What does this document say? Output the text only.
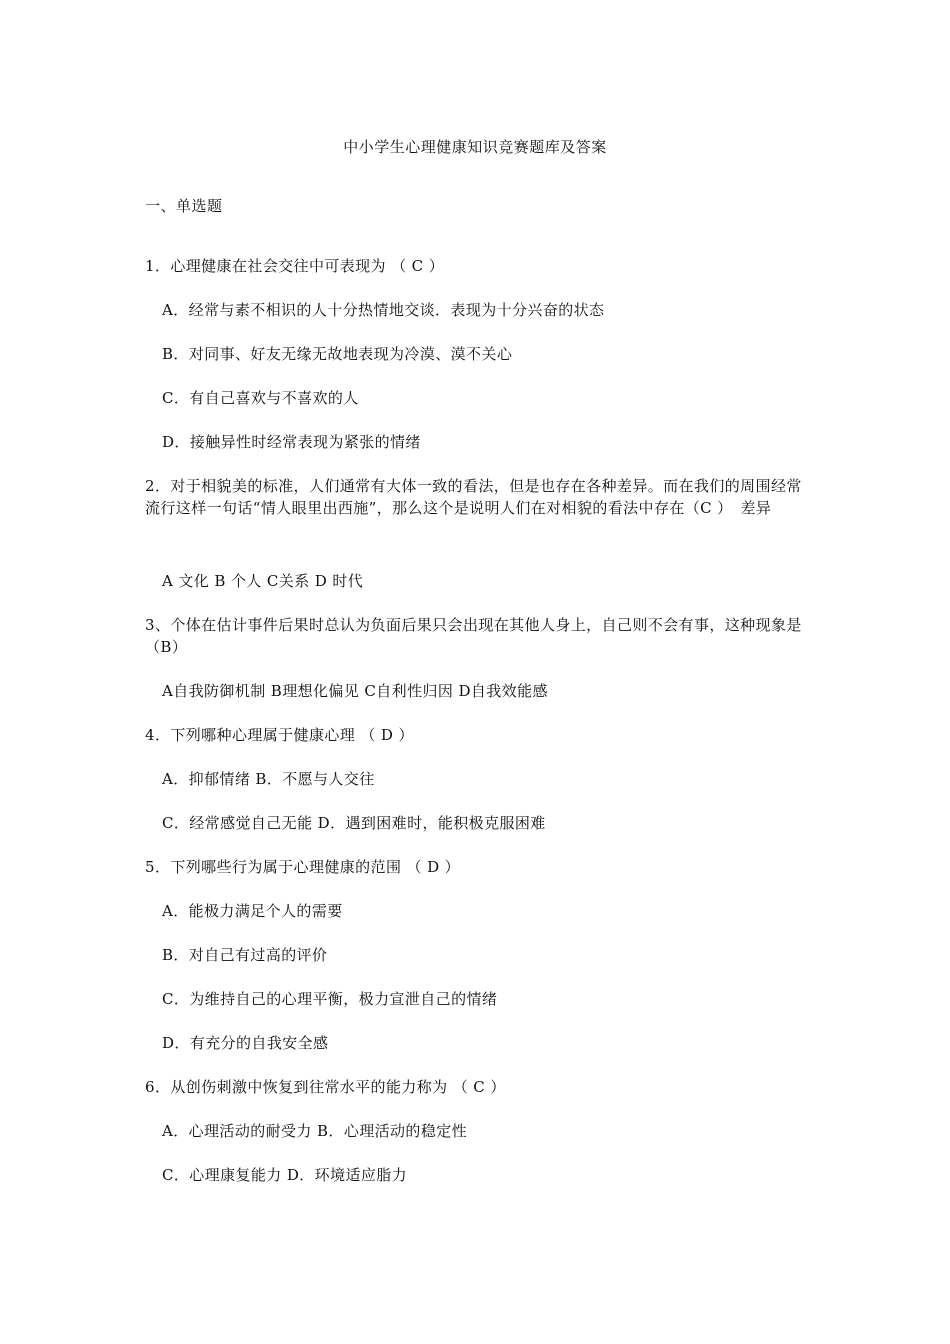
中小学生心理健康知识竞赛题库及答案
一、单选题
1．心理健康在社会交往中可表现为 （ C ）
A．经常与素不相识的人十分热情地交谈．表现为十分兴奋的状态
B．对同事、好友无缘无故地表现为冷漠、漠不关心
C．有自己喜欢与不喜欢的人
D．接触异性时经常表现为紧张的情绪
2．对于相貌美的标准，人们通常有大体一致的看法，但是也存在各种差异。而在我们的周围经常流行这样一句话“情人眼里出西施”，那么这个是说明人们在对相貌的看法中存在（C ）　差异
A 文化 B 个人 C关系 D 时代
3、个体在估计事件后果时总认为负面后果只会出现在其他人身上，自己则不会有事，这种现象是（B）
A自我防御机制 B理想化偏见 C自利性归因 D自我效能感
4．下列哪种心理属于健康心理 （ D ）
A．抑郁情绪 B．不愿与人交往
C．经常感觉自己无能 D．遇到困难时，能积极克服困难
5．下列哪些行为属于心理健康的范围 （ D ）
A．能极力满足个人的需要
B．对自己有过高的评价
C．为维持自己的心理平衡，极力宣泄自己的情绪
D．有充分的自我安全感
6．从创伤刺激中恢复到往常水平的能力称为 （ C ）
A．心理活动的耐受力 B．心理活动的稳定性
C．心理康复能力 D．环境适应脂力
